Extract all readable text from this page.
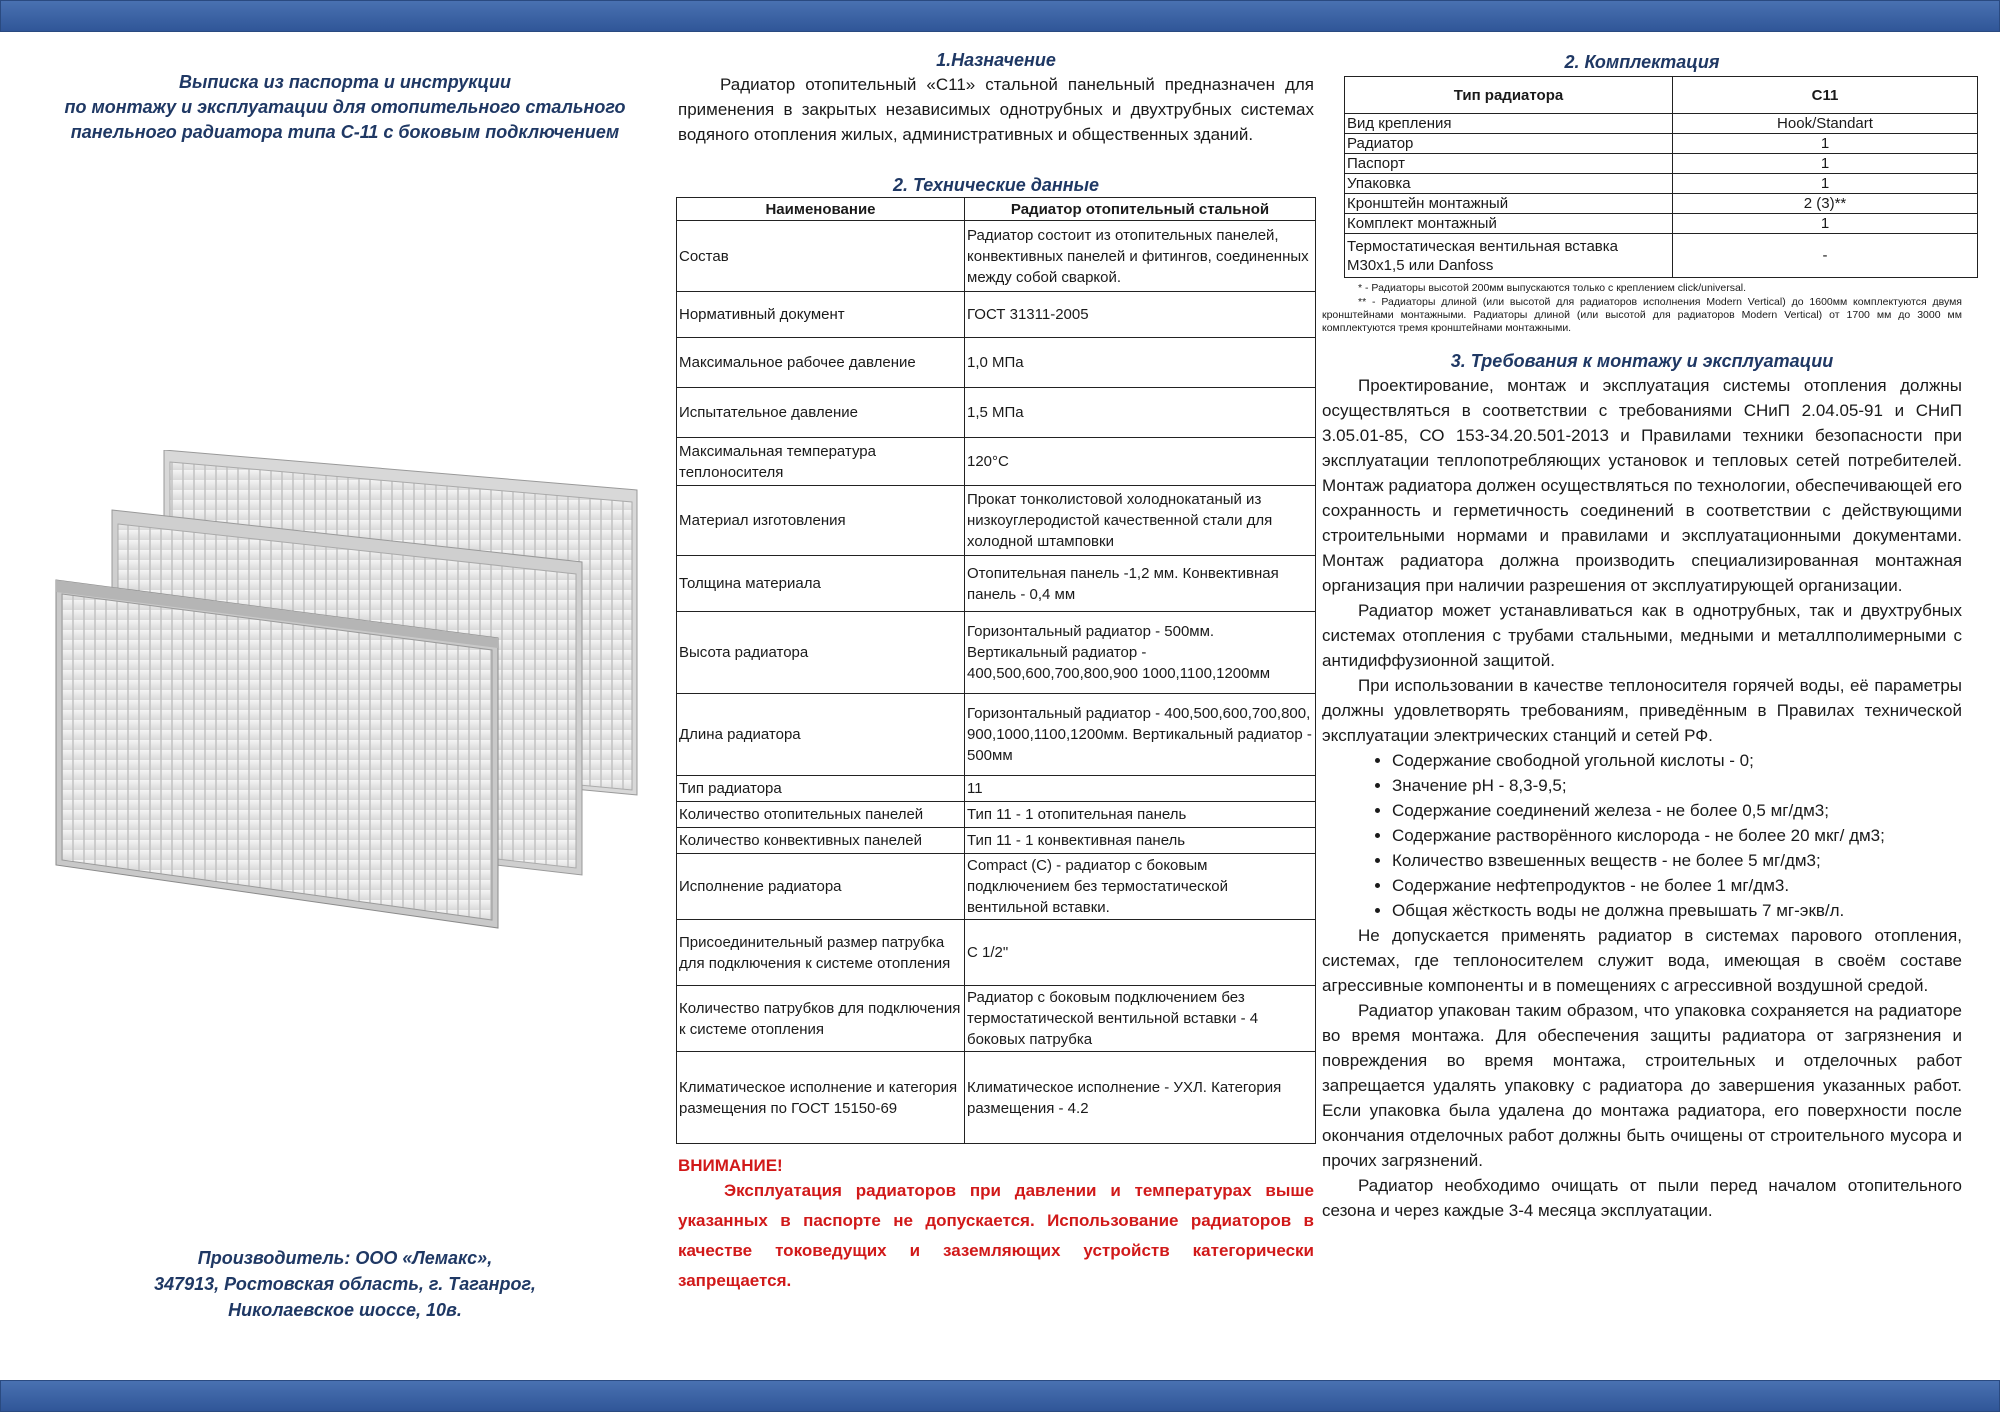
Выписка из паспорта и инструкции

по монтажу и эксплуатации для отопительного стального

панельного радиатора типа С-11 с боковым подключением

Производитель: ООО «Лемакс»,
347913, Ростовская область, г. Таганрог,
Николаевское шоссе, 10в.

1.Назначение

Радиатор отопительный «С11» стальной панельный предназначен для применения в закрытых независимых однотрубных и двухтрубных системах водяного отопления жилых, административных и общественных зданий.

2. Технические данные

Наименование	Радиатор отопительный стальной
Состав	Радиатор состоит из отопительных панелей, конвективных панелей и фитингов, соединенных между собой сваркой.
Нормативный документ	ГОСТ 31311-2005
Максимальное рабочее давление	1,0 МПа
Испытательное давление	1,5 МПа
Максимальная температура теплоносителя	120°С
Материал изготовления	Прокат тонколистовой холоднокатаный из низкоуглеродистой качественной стали для холодной штамповки
Толщина материала	Отопительная панель -1,2 мм. Конвективная панель - 0,4 мм
Высота радиатора	Горизонтальный радиатор - 500мм. Вертикальный радиатор - 400,500,600,700,800,900 1000,1100,1200мм
Длина радиатора	Горизонтальный радиатор - 400,500,600,700,800, 900,1000,1100,1200мм. Вертикальный радиатор - 500мм
Тип радиатора	11
Количество отопительных панелей	Тип 11 - 1 отопительная панель
Количество конвективных панелей	Тип 11 - 1 конвективная панель
Исполнение радиатора	Compact (C) - радиатор с боковым подключением без термостатической вентильной вставки.
Присоединительный размер патрубка для подключения к системе отопления	С 1/2"
Количество патрубков для подключения к системе отопления	Радиатор с боковым подключением без термостатической вентильной вставки - 4 боковых патрубка
Климатическое исполнение и категория размещения по ГОСТ 15150-69	Климатическое исполнение - УХЛ. Категория размещения - 4.2

ВНИМАНИЕ!

Эксплуатация радиаторов при давлении и температурах выше указанных в паспорте не допускается. Использование радиаторов в качестве токоведущих и заземляющих устройств категорически запрещается.

2. Комплектация

Тип радиатора	С11
Вид крепления	Hook/Standart
Радиатор	1
Паспорт	1
Упаковка	1
Кронштейн монтажный	2 (3)**
Комплект монтажный	1
Термостатическая вентильная вставка М30х1,5 или Danfoss	-

* - Радиаторы высотой 200мм выпускаются только с креплением click/universal.

** - Радиаторы длиной (или высотой для радиаторов исполнения Modern Vertical) до 1600мм комплектуются двумя кронштейнами монтажными. Радиаторы длиной (или высотой для радиаторов Modern Vertical) от 1700 мм до 3000 мм комплектуются тремя кронштейнами монтажными.

3. Требования к монтажу и эксплуатации

Проектирование, монтаж и эксплуатация системы отопления должны осуществляться в соответствии с требованиями СНиП 2.04.05-91 и СНиП 3.05.01-85, СО 153-34.20.501-2013 и Правилами техники безопасности при эксплуатации теплопотребляющих установок и тепловых сетей потребителей. Монтаж радиатора должен осуществляться по технологии, обеспечивающей его сохранность и герметичность соединений в соответствии с действующими строительными нормами и правилами и эксплуатационными документами. Монтаж радиатора должна производить специализированная монтажная организация при наличии разрешения от эксплуатирующей организации.

Радиатор может устанавливаться как в однотрубных, так и двухтрубных системах отопления с трубами стальными, медными и металлполимерными с антидиффузионной защитой.

При использовании в качестве теплоносителя горячей воды, её параметры должны удовлетворять требованиям, приведённым в Правилах технической эксплуатации электрических станций и сетей РФ.

• Содержание свободной угольной кислоты - 0;
• Значение рН - 8,3-9,5;
• Содержание соединений железа - не более 0,5 мг/дм3;
• Содержание растворённого кислорода - не более 20 мкг/ дм3;
• Количество взвешенных веществ - не более 5 мг/дм3;
• Содержание нефтепродуктов - не более 1 мг/дм3.
• Общая жёсткость воды не должна превышать 7 мг-экв/л.

Не допускается применять радиатор в системах парового отопления, системах, где теплоносителем служит вода, имеющая в своём составе агрессивные компоненты и в помещениях с агрессивной воздушной средой.

Радиатор упакован таким образом, что упаковка сохраняется на радиаторе во время монтажа. Для обеспечения защиты радиатора от загрязнения и повреждения во время монтажа, строительных и отделочных работ запрещается удалять упаковку с радиатора до завершения указанных работ. Если упаковка была удалена до монтажа радиатора, его поверхности после окончания отделочных работ должны быть очищены от строительного мусора и прочих загрязнений.

Радиатор необходимо очищать от пыли перед началом отопительного сезона и через каждые 3-4 месяца эксплуатации.
